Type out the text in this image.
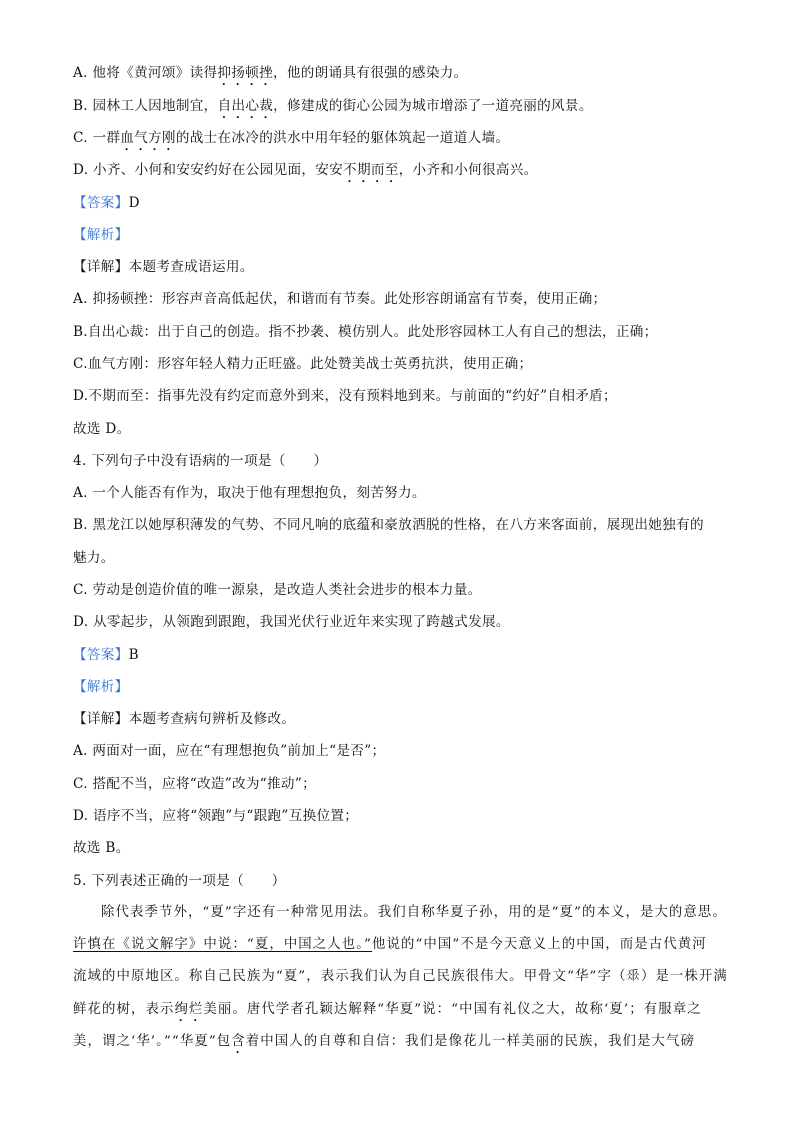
A. 他将《黄河颂》读得抑扬顿挫，他的朗诵具有很强的感染力。
B. 园林工人因地制宜，自出心裁，修建成的街心公园为城市增添了一道亮丽的风景。
C. 一群血气方刚的战士在冰冷的洪水中用年轻的躯体筑起一道道人墙。
D. 小齐、小何和安安约好在公园见面，安安不期而至，小齐和小何很高兴。
【答案】D
【解析】
【详解】本题考查成语运用。
A. 抑扬顿挫：形容声音高低起伏，和谐而有节奏。此处形容朗诵富有节奏，使用正确；
B.自出心裁：出于自己的创造。指不抄袭、模仿别人。此处形容园林工人有自己的想法，正确；
C.血气方刚：形容年轻人精力正旺盛。此处赞美战士英勇抗洪，使用正确；
D.不期而至：指事先没有约定而意外到来，没有预料地到来。与前面的“约好”自相矛盾；
故选 D。
4. 下列句子中没有语病的一项是（　　）
A. 一个人能否有作为，取决于他有理想抱负，刻苦努力。
B. 黑龙江以她厚积薄发的气势、不同凡响的底蕴和豪放洒脱的性格，在八方来客面前，展现出她独有的
魅力。
C. 劳动是创造价值的唯一源泉，是改造人类社会进步的根本力量。
D. 从零起步，从领跑到跟跑，我国光伏行业近年来实现了跨越式发展。
【答案】B
【解析】
【详解】本题考查病句辨析及修改。
A. 两面对一面，应在“有理想抱负”前加上“是否”；
C. 搭配不当，应将“改造”改为“推动”；
D. 语序不当，应将“领跑”与“跟跑”互换位置；
故选 B。
5. 下列表述正确的一项是（　　）
除代表季节外，“夏”字还有一种常见用法。我们自称华夏子孙，用的是“夏”的本义，是大的意思。
许慎在《说文解字》中说：“夏，中国之人也。”他说的“中国”不是今天意义上的中国，而是古代黄河
流域的中原地区。称自己民族为“夏”，表示我们认为自己民族很伟大。甲骨文“华”字（𠂹）是一株开满
鲜花的树，表示绚烂美丽。唐代学者孔颖达解释“华夏”说：“中国有礼仪之大，故称‘夏’；有服章之
美，谓之‘华’。”“华夏”包含着中国人的自尊和自信：我们是像花儿一样美丽的民族，我们是大气磅
